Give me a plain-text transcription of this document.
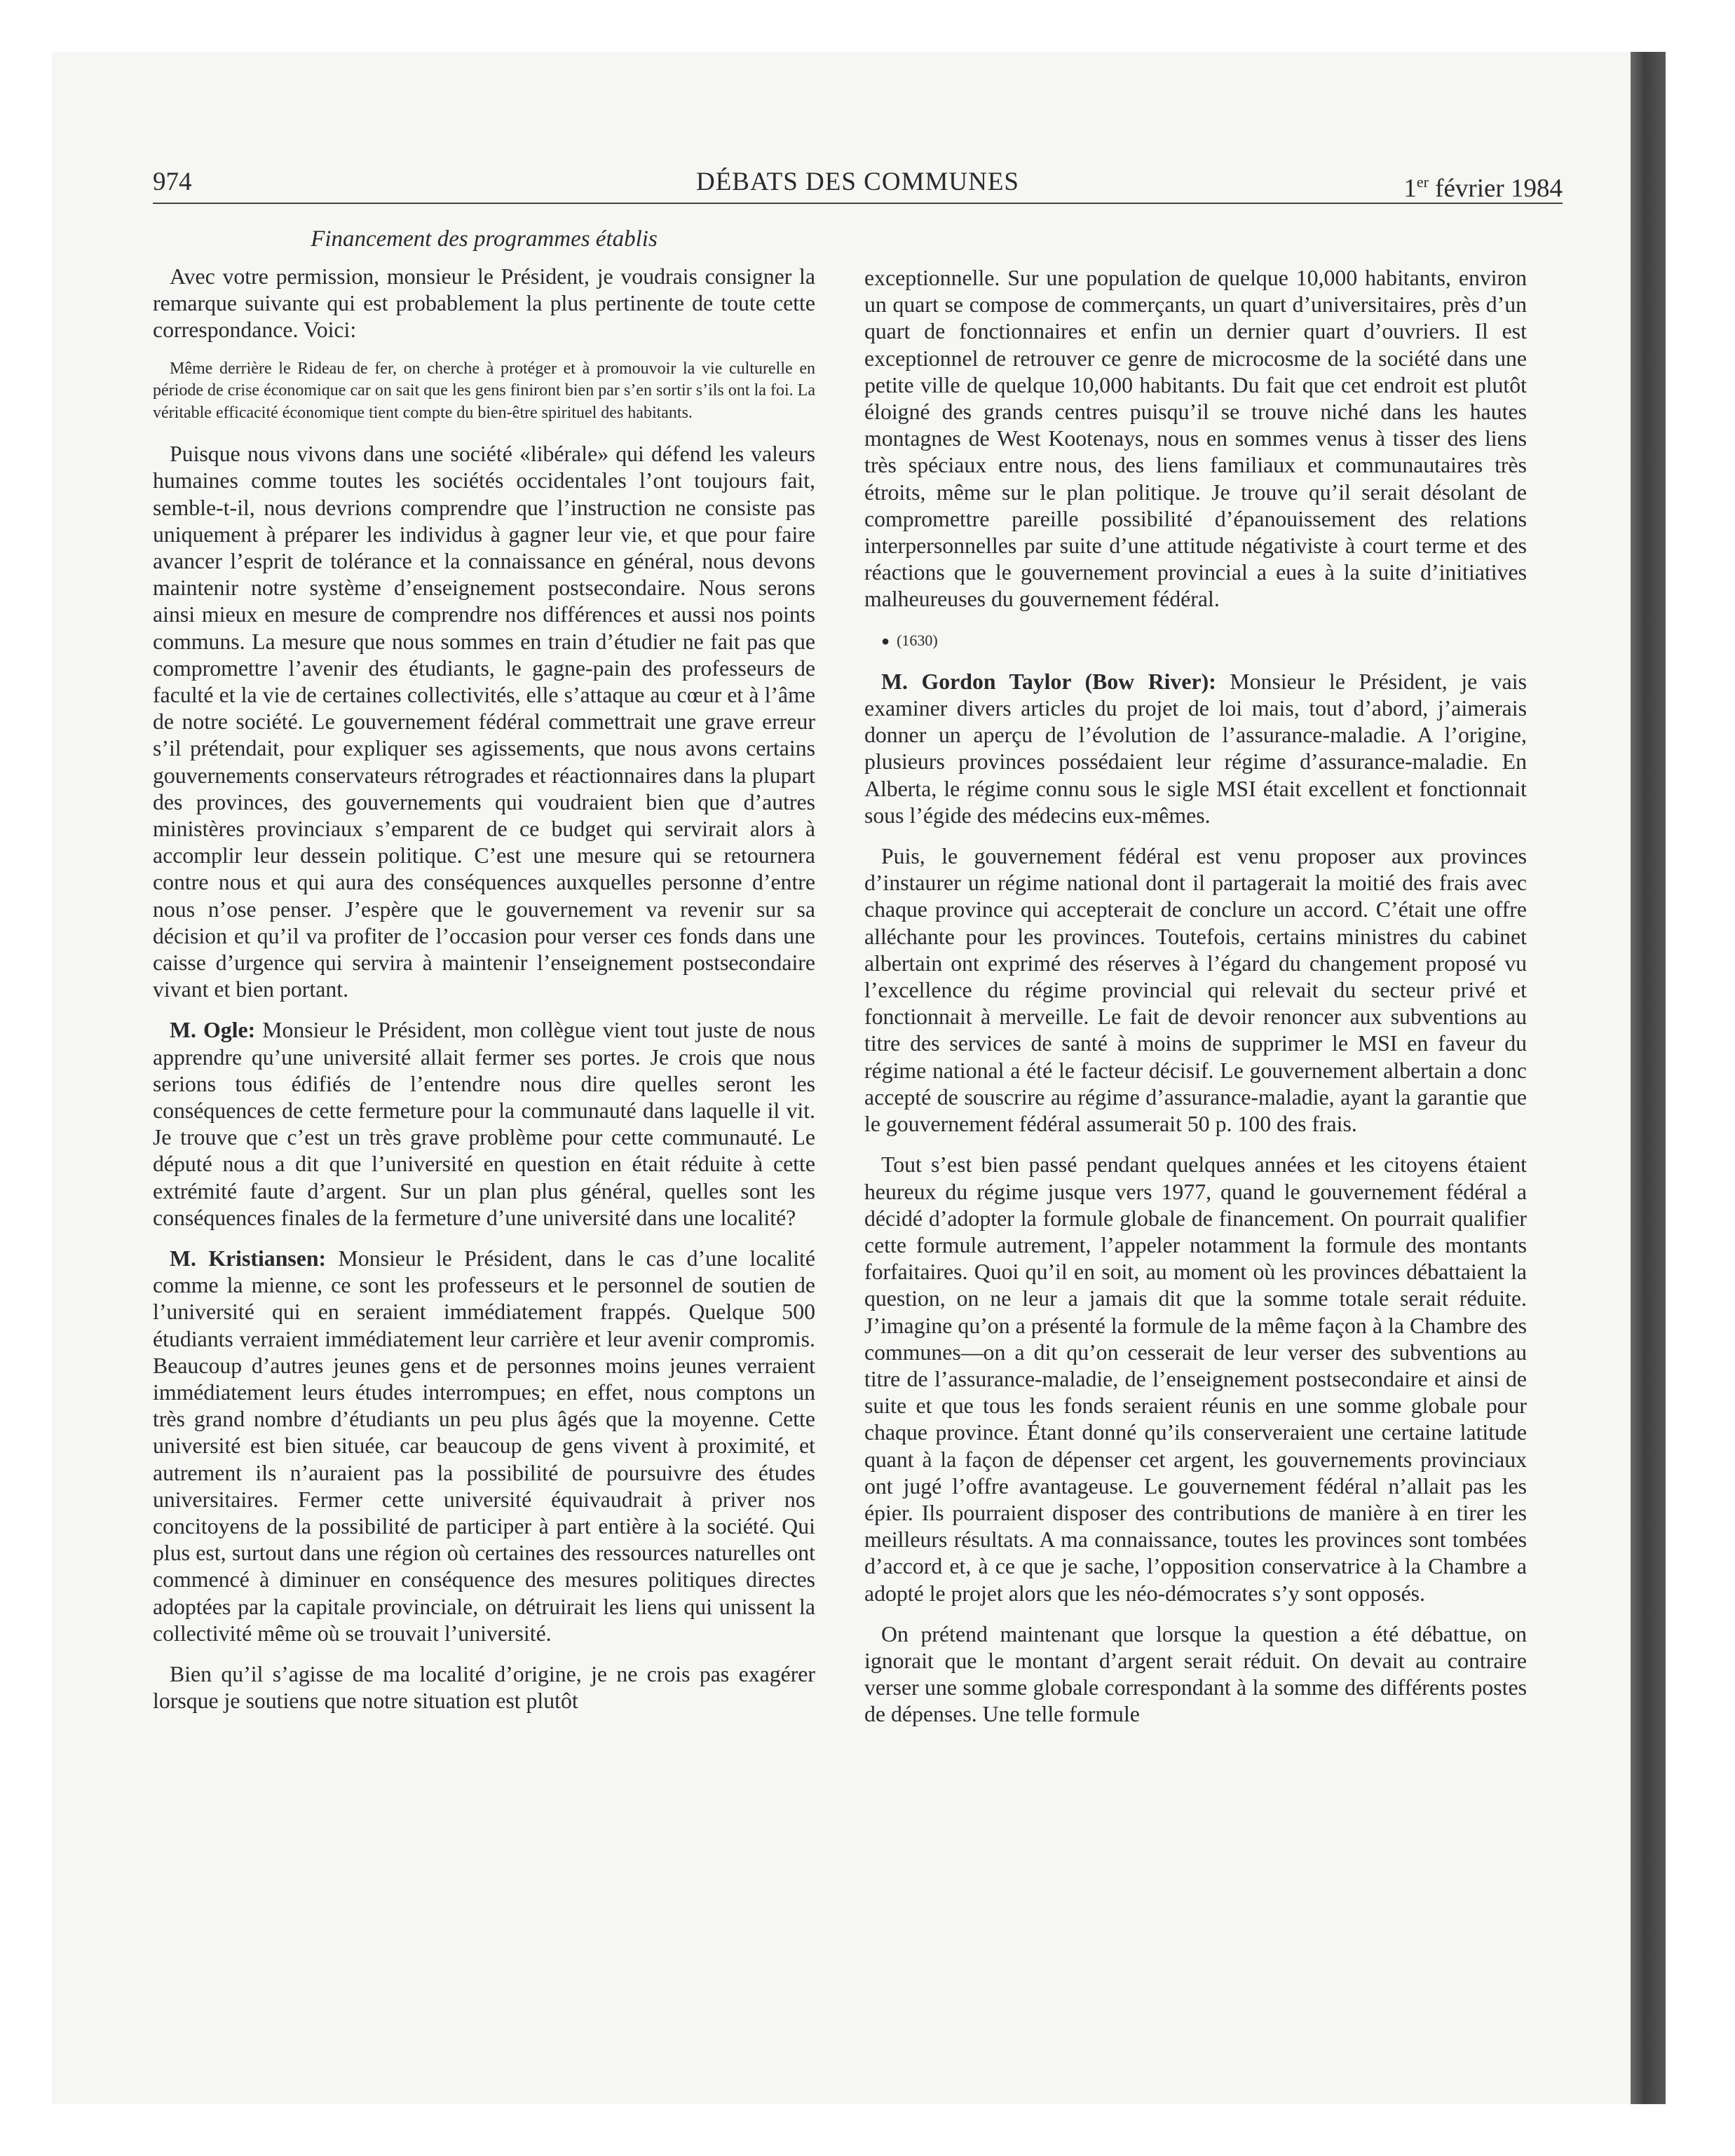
974	DÉBATS DES COMMUNES	1er février 1984
Financement des programmes établis

Avec votre permission, monsieur le Président, je voudrais consigner la remarque suivante qui est probablement la plus pertinente de toute cette correspondance. Voici:

Même derrière le Rideau de fer, on cherche à protéger et à promouvoir la vie culturelle en période de crise économique car on sait que les gens finiront bien par s’en sortir s’ils ont la foi. La véritable efficacité économique tient compte du bien-être spirituel des habitants.

Puisque nous vivons dans une société «libérale» qui défend les valeurs humaines comme toutes les sociétés occidentales l’ont toujours fait, semble-t-il, nous devrions comprendre que l’instruction ne consiste pas uniquement à préparer les individus à gagner leur vie, et que pour faire avancer l’esprit de tolérance et la connaissance en général, nous devons maintenir notre système d’enseignement postsecondaire. Nous serons ainsi mieux en mesure de comprendre nos différences et aussi nos points communs. La mesure que nous sommes en train d’étudier ne fait pas que compromettre l’avenir des étudiants, le gagne-pain des professeurs de faculté et la vie de certaines collectivités, elle s’attaque au cœur et à l’âme de notre société. Le gouvernement fédéral commettrait une grave erreur s’il prétendait, pour expliquer ses agissements, que nous avons certains gouvernements conservateurs rétrogrades et réactionnaires dans la plupart des provinces, des gouvernements qui voudraient bien que d’autres ministères provinciaux s’emparent de ce budget qui servirait alors à accomplir leur dessein politique. C’est une mesure qui se retournera contre nous et qui aura des conséquences auxquelles personne d’entre nous n’ose penser. J’espère que le gouvernement va revenir sur sa décision et qu’il va profiter de l’occasion pour verser ces fonds dans une caisse d’urgence qui servira à maintenir l’enseignement postsecondaire vivant et bien portant.

M. Ogle: Monsieur le Président, mon collègue vient tout juste de nous apprendre qu’une université allait fermer ses portes. Je crois que nous serions tous édifiés de l’entendre nous dire quelles seront les conséquences de cette fermeture pour la communauté dans laquelle il vit. Je trouve que c’est un très grave problème pour cette communauté. Le député nous a dit que l’université en question en était réduite à cette extrémité faute d’argent. Sur un plan plus général, quelles sont les conséquences finales de la fermeture d’une université dans une localité?

M. Kristiansen: Monsieur le Président, dans le cas d’une localité comme la mienne, ce sont les professeurs et le personnel de soutien de l’université qui en seraient immédiatement frappés. Quelque 500 étudiants verraient immédiatement leur carrière et leur avenir compromis. Beaucoup d’autres jeunes gens et de personnes moins jeunes verraient immédiatement leurs études interrompues; en effet, nous comptons un très grand nombre d’étudiants un peu plus âgés que la moyenne. Cette université est bien située, car beaucoup de gens vivent à proximité, et autrement ils n’auraient pas la possibilité de poursuivre des études universitaires. Fermer cette université équivaudrait à priver nos concitoyens de la possibilité de participer à part entière à la société. Qui plus est, surtout dans une région où certaines des ressources naturelles ont commencé à diminuer en conséquence des mesures politiques directes adoptées par la capitale provinciale, on détruirait les liens qui unissent la collectivité même où se trouvait l’université.

Bien qu’il s’agisse de ma localité d’origine, je ne crois pas exagérer lorsque je soutiens que notre situation est plutôt

exceptionnelle. Sur une population de quelque 10,000 habitants, environ un quart se compose de commerçants, un quart d’universitaires, près d’un quart de fonctionnaires et enfin un dernier quart d’ouvriers. Il est exceptionnel de retrouver ce genre de microcosme de la société dans une petite ville de quelque 10,000 habitants. Du fait que cet endroit est plutôt éloigné des grands centres puisqu’il se trouve niché dans les hautes montagnes de West Kootenays, nous en sommes venus à tisser des liens très spéciaux entre nous, des liens familiaux et communautaires très étroits, même sur le plan politique. Je trouve qu’il serait désolant de compromettre pareille possibilité d’épanouissement des relations interpersonnelles par suite d’une attitude négativiste à court terme et des réactions que le gouvernement provincial a eues à la suite d’initiatives malheureuses du gouvernement fédéral.

● (1630)

M. Gordon Taylor (Bow River): Monsieur le Président, je vais examiner divers articles du projet de loi mais, tout d’abord, j’aimerais donner un aperçu de l’évolution de l’assurance-maladie. A l’origine, plusieurs provinces possédaient leur régime d’assurance-maladie. En Alberta, le régime connu sous le sigle MSI était excellent et fonctionnait sous l’égide des médecins eux-mêmes.

Puis, le gouvernement fédéral est venu proposer aux provinces d’instaurer un régime national dont il partagerait la moitié des frais avec chaque province qui accepterait de conclure un accord. C’était une offre alléchante pour les provinces. Toutefois, certains ministres du cabinet albertain ont exprimé des réserves à l’égard du changement proposé vu l’excellence du régime provincial qui relevait du secteur privé et fonctionnait à merveille. Le fait de devoir renoncer aux subventions au titre des services de santé à moins de supprimer le MSI en faveur du régime national a été le facteur décisif. Le gouvernement albertain a donc accepté de souscrire au régime d’assurance-maladie, ayant la garantie que le gouvernement fédéral assumerait 50 p. 100 des frais.

Tout s’est bien passé pendant quelques années et les citoyens étaient heureux du régime jusque vers 1977, quand le gouvernement fédéral a décidé d’adopter la formule globale de financement. On pourrait qualifier cette formule autrement, l’appeler notamment la formule des montants forfaitaires. Quoi qu’il en soit, au moment où les provinces débattaient la question, on ne leur a jamais dit que la somme totale serait réduite. J’imagine qu’on a présenté la formule de la même façon à la Chambre des communes—on a dit qu’on cesserait de leur verser des subventions au titre de l’assurance-maladie, de l’enseignement postsecondaire et ainsi de suite et que tous les fonds seraient réunis en une somme globale pour chaque province. Étant donné qu’ils conserveraient une certaine latitude quant à la façon de dépenser cet argent, les gouvernements provinciaux ont jugé l’offre avantageuse. Le gouvernement fédéral n’allait pas les épier. Ils pourraient disposer des contributions de manière à en tirer les meilleurs résultats. A ma connaissance, toutes les provinces sont tombées d’accord et, à ce que je sache, l’opposition conservatrice à la Chambre a adopté le projet alors que les néo-démocrates s’y sont opposés.

On prétend maintenant que lorsque la question a été débattue, on ignorait que le montant d’argent serait réduit. On devait au contraire verser une somme globale correspondant à la somme des différents postes de dépenses. Une telle formule
